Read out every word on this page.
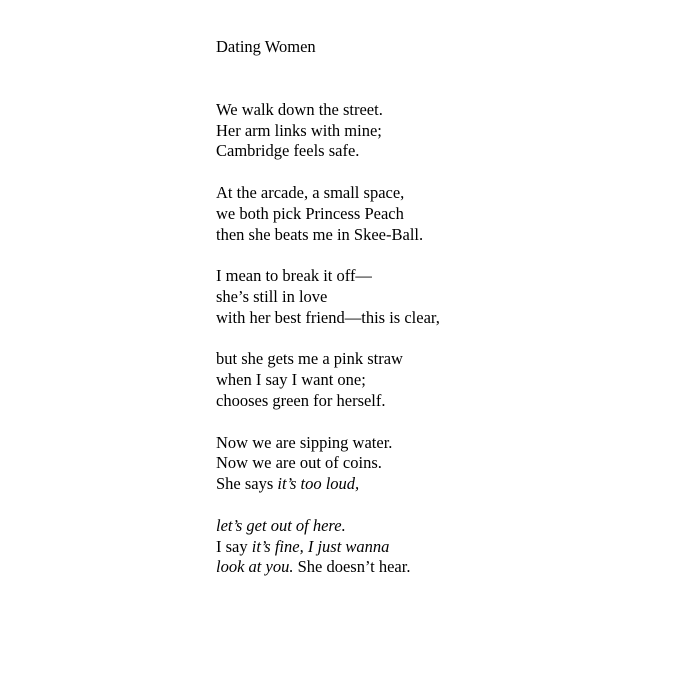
Dating Women
We walk down the street.
Her arm links with mine;
Cambridge feels safe.
At the arcade, a small space,
we both pick Princess Peach
then she beats me in Skee-Ball.
I mean to break it off—
she’s still in love
with her best friend—this is clear,
but she gets me a pink straw
when I say I want one;
chooses green for herself.
Now we are sipping water.
Now we are out of coins.
She says it’s too loud,
let’s get out of here.
I say it’s fine, I just wanna
look at you. She doesn’t hear.
